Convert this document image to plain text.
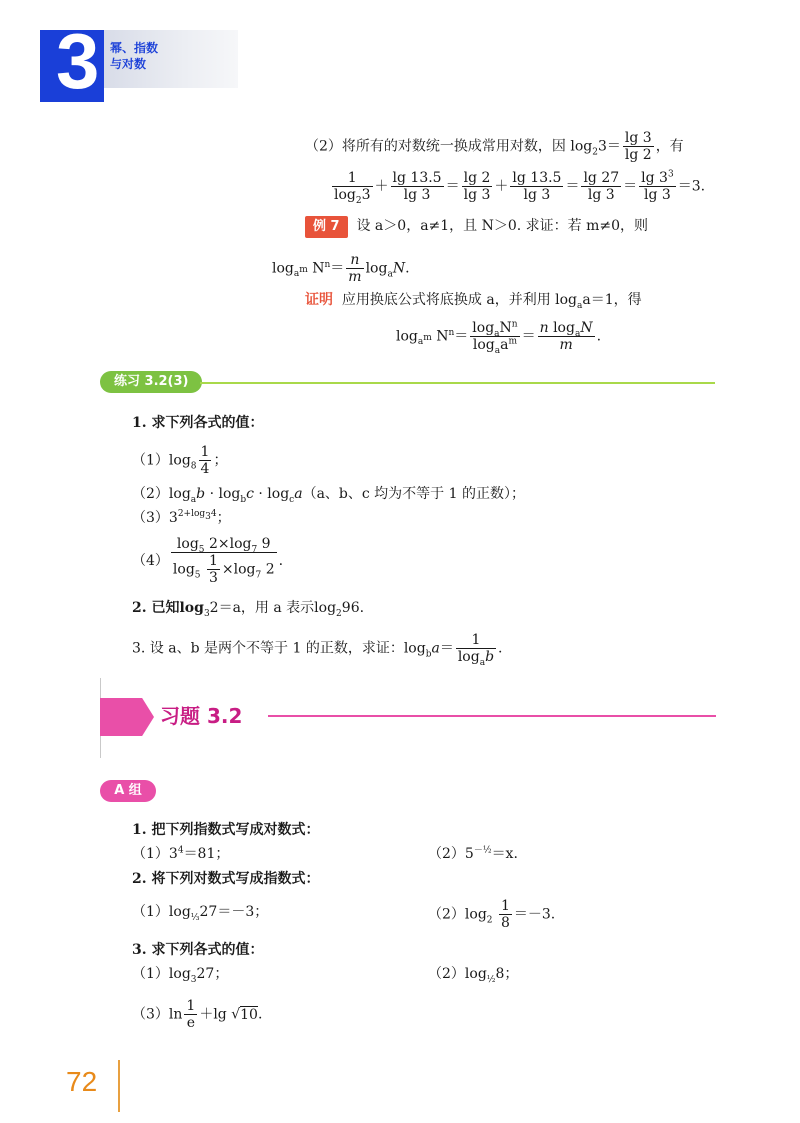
3 幂、指数
与对数
（2）将所有的对数统一换成常用对数，因 $\log_23= \frac{\lg 3}{\lg 2}$ ，有
$\frac{1}{\log_23} + \frac{\lg 13.5}{\lg 3} = \frac{\lg 2}{\lg 3} + \frac{\lg 13.5}{\lg 3} = \frac{\lg 27}{\lg 3} = \frac{\lg 3^3}{\lg 3} =3$.
例 7 设 a＞0，a≠1，且 N＞0. 求证：若 m≠0，则
$\log_{a^m} N^n= \frac{n}{m} \log_aN$.
证明 应用换底公式将底换成 a，并利用 $\log_aa=1$，得
$\log_{a^m} N^n= \frac{\log_aN^n}{\log_aa^m} = \frac{n \log_aN}{m}$ .
练习 3.2(3)
1. 求下列各式的值：
$(1)\log_8 \frac{1}{4}$ ；
$(2)\log_ab \cdot \log_bc \cdot \log_ca(a$、b、c 均为不等于 1 的正数）；
$(3)3^{2+log_34}$；
$(4) \frac{\log_5 2\times\log_7 9}{\log_5 \frac{1}{3} \times\log_7 2}$ .
2. 已知$\log_32=a$，用 a 表示$\log_296$.
3. 设 a、b 是两个不等于 1 的正数，求证：$\log_ba= \frac{1}{\log_ab}$ .
习题 3.2
A 组
1. 把下列指数式写成对数式：
$(1)3^4=81$；	$(2)5^{-\frac{1}{2}}=x$.
2. 将下列对数式写成指数式：
$(1)\log_{\frac{1}{3}}27=-3$；	$(2)\log_2 \frac{1}{8} =-3$.
3. 求下列各式的值：
$(1)\log_327$；	$(2)\log_{\frac{1}{2}}8$；
$(3)\ln \frac{1}{e} +\lg$ √10.
72
